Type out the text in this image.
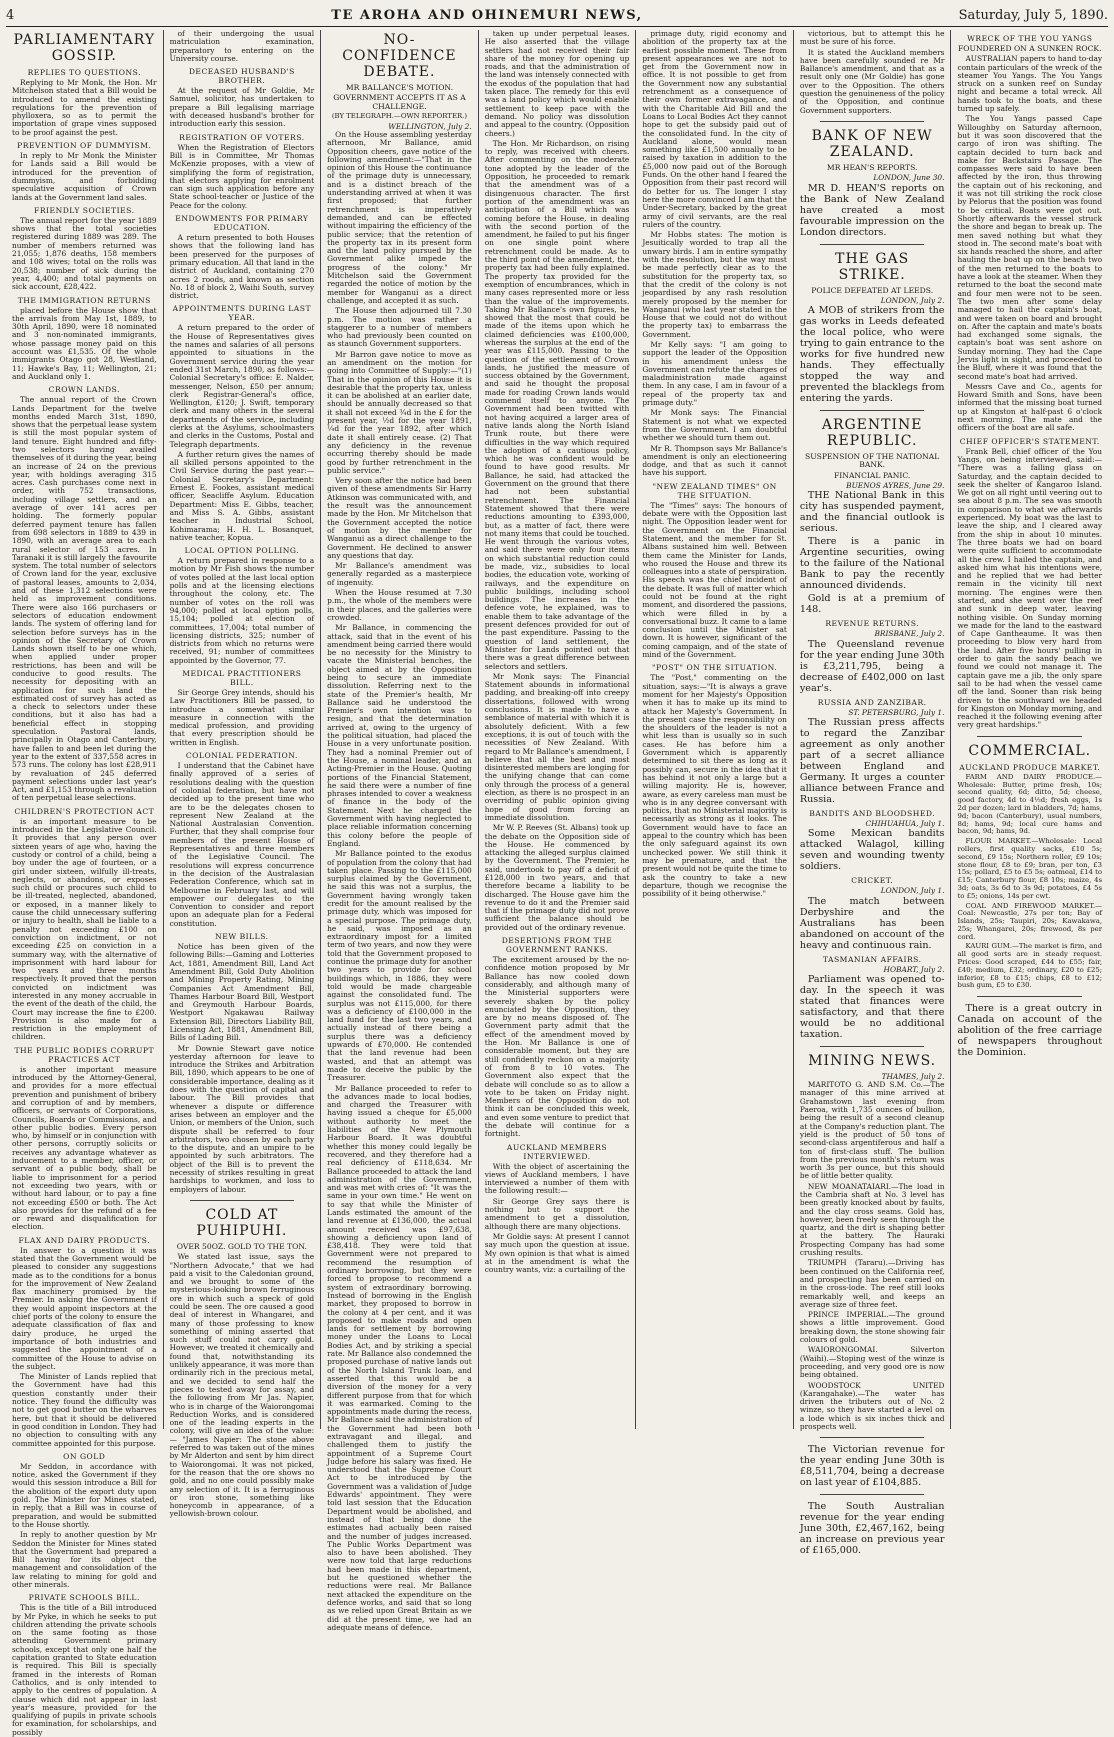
4	TE AROHA AND OHINEMURI NEWS,	Saturday, July 5, 1890.
PARLIAMENTARY GOSSIP.
REPLIES TO QUESTIONS.

Replying to Mr Monk, the Hon. Mr Mitchelson stated that a Bill would be introduced to amend the existing regulations for the prevention of phylloxera, so as to permit the importation of grape vines supposed to be proof against the pest.

PREVENTION OF DUMMYISM.

In reply to Mr Monk the Minister for Lands said a Bill would be introduced for the prevention of dummyism, and forbidding speculative acquisition of Crown lands at the Government land sales.

FRIENDLY SOCIETIES.

The annual report for the year 1889 shows that the total societies registered during 1889 was 289. The number of members returned was 21,055; 1,876 deaths, 158 members and 108 wives; total on the rolls was 20,538; number of sick during the year, 4,400; and total payments on sick account, £28,422.

THE IMMIGRATION RETURNS

placed before the House show that the arrivals from May 1st, 1889, to 30th April, 1890, were 18 nominated and 3 non-nominated immigrants, whose passage money paid on this account was £1,535. Of the whole immigrants Otago got 28, Westland, 11; Hawke's Bay, 11; Wellington, 21; and Auckland only 1.

CROWN LANDS.

The annual report of the Crown Lands Department for the twelve months ended March 31st, 1890, shows that the perpetual lease system is still the most popular system of land tenure. Eight hundred and fifty-two selectors having availed themselves of it during the year, being an increase of 24 on the previous year, with holdings averaging 315 acres. Cash purchases come next in order, with 752 transactions, including village settlers, and an average of over 141 acres per holding. The formerly popular deferred payment tenure has fallen from 698 selectors in 1889 to 439 in 1890, with an average area to each rural selector of 153 acres. In Taranaki it is still largely the favourite system. The total number of selectors of Crown land for the year, exclusive of pastoral leases, amounts to 2,034, and of these 1,312 selections were held as improvement conditions. There were also 166 purchasers or selectors of education endowment lands. The system of offering land for selection before surveys has in the opinion of the Secretary of Crown Lands shown itself to be one which, when applied under proper restrictions, has been and will be conducive to good results. The necessity for depositing with an application for such land the estimated cost of survey has acted as a check to selectors under these conditions, but it also has had a beneficial effect in stopping speculation. Pastoral lands, principally in Otago and Canterbury, have fallen to and been let during the year to the extent of 337,558 acres in 573 runs. The colony has lost £28,911 by revaluation of 245 deferred payment selections under last year's Act, and £1,153 through a revaluation of ten perpetual lease selections.

CHILDREN'S PROTECTION ACT

is an important measure to be introduced in the Legislative Council. It provides that any person over sixteen years of age who, having the custody or control of a child, being a boy under the age of fourteen, or a girl under sixteen, wilfully ill-treats, neglects, or abandons, or exposes such child or procures such child to be ill-treated, neglected, abandoned, or exposed, in a manner likely to cause the child unnecessary suffering or injury to health, shall be liable to a penalty not exceeding £100 on conviction on indictment, or not exceeding £25 on conviction in a summary way, with the alternative of imprisonment with hard labour for two years and three months respectively. It proved that the person convicted on indictment was interested in any money accruable in the event of the death of the child, the Court may increase the fine to £200. Provision is also made for a restriction in the employment of children.

THE PUBLIC BODIES CORRUPT PRACTICES ACT

is another important measure introduced by the Attorney-General, and provides for a more effectual prevention and punishment of bribery and corruption of and by members, officers, or servants of Corporations, Councils, Boards or Commissions, and other public bodies. Every person who, by himself or in conjunction with other persons, corruptly solicits or receives any advantage whatever as inducement to a member, officer, or servant of a public body, shall be liable to imprisonment for a period not exceeding two years, with or without hard labour, or to pay a fine not exceeding £500 or both. The Act also provides for the refund of a fee or reward and disqualification for election.

FLAX AND DAIRY PRODUCTS.

In answer to a question it was stated that the Government would be pleased to consider any suggestions made as to the conditions for a bonus for the improvement of New Zealand flax machinery promised by the Premier. In asking the Government if they would appoint inspectors at the chief ports of the colony to ensure the adequate classification of flax and dairy produce, he urged the importance of both industries and suggested the appointment of a committee of the House to advise on the subject.

The Minister of Lands replied that the Government have had this question constantly under their notice. They found the difficulty was not to get good butter on the wharves here, but that it should be delivered in good condition in London. They had no objection to consulting with any committee appointed for this purpose.

ON GOLD

Mr Seddon, in accordance with notice, asked the Government if they would this session introduce a Bill for the abolition of the export duty upon gold. The Minister for Mines stated, in reply, that a Bill was in course of preparation, and would be submitted to the House shortly.

In reply to another question by Mr Seddon the Minister for Mines stated that the Government had prepared a Bill having for its object the management and consolidation of the law relating to mining for gold and other minerals.

PRIVATE SCHOOLS BILL.

This is the title of a Bill introduced by Mr Pyke, in which he seeks to put children attending the private schools on the same footing as those attending Government primary schools, except that only one half the capitation granted to State education is required. This Bill is specially framed in the interests of Roman Catholics, and is only intended to apply to the centres of population. A clause which did not appear in last year's measure, provided for the qualifying of pupils in private schools for examination, for scholarships, and possibly

of their undergoing the usual matriculation examination, preparatory to entering on the University course.

DECEASED HUSBAND'S BROTHER.

At the request of Mr Goldie, Mr Samuel, solicitor, has undertaken to prepare a Bill legalising marriage with deceased husband's brother for introduction early this session.

REGISTRATION OF VOTERS.

When the Registration of Electors Bill is in Committee, Mr Thomas McKenzie proposes, with a view of simplifying the form of registration, that electors applying for enrolment can sign such application before any State school-teacher or Justice of the Peace for the colony.

ENDOWMENTS FOR PRIMARY EDUCATION.

A return presented to both Houses shows that the following land has been preserved for the purposes of primary education. All that land in the district of Auckland, containing 270 acres 2 roods, and known as section No. 18 of block 2, Waihi South, survey district.

APPOINTMENTS DURING LAST YEAR.

A return prepared to the order of the House of Representatives gives the names and salaries of all persons appointed to situations in the Government service during the year ended 31st March, 1890, as follows:—Colonial Secretary's office: E. Nalder, messenger, Nelson, £50 per annum; clerk Registrar-General's office, Wellington, £120; J. Swift, temporary clerk and many others in the several departments of the service, including clerks at the Asylums, schoolmasters and clerks in the Customs, Postal and Telegraph departments.

A further return gives the names of all skilled persons appointed to the Civil Service during the past year:—Colonial Secretary's Department: Ernest E. Fookes, assistant medical officer, Seacliffe Asylum. Education Department: Miss E. Gibbs, teacher, and Miss S. A. Gibbs, assistant teacher in Industrial School, Kohimarama; H. H. L. Bosanquet, native teacher, Kopua.

LOCAL OPTION POLLING.

A return prepared in response to a motion by Mr Fish shows the number of votes polled at the last local option polls and at the licensing elections throughout the colony, etc. The number of votes on the roll was 94,000; polled at local option polls, 15,104; polled at election of committees, 17,004; total number of licensing districts, 325; number of districts from which no returns were received, 91; number of committees appointed by the Governor, 77.

MEDICAL PRACTITIONERS BILL.

Sir George Grey intends, should his Law Practitioners Bill be passed, to introduce a somewhat similar measure in connection with the medical profession, and providing that every prescription should be written in English.

COLONIAL FEDERATION.

I understand that the Cabinet have finally approved of a series of resolutions dealing with the question of colonial federation, but have not decided up to the present time who are to be the delegates chosen to represent New Zealand at the National Australasian Convention. Further, that they shall comprise four members of the present House of Representatives and three members of the Legislative Council. The resolutions will express concurrence in the decision of the Australasian Federation Conference, which sat in Melbourne in February last, and will empower our delegates to the Convention to consider and report upon an adequate plan for a Federal constitution.

NEW BILLS.

Notice has been given of the following Bills:—Gaming and Lotteries Act, 1881, Amendment Bill, Land Act Amendment Bill, Gold Duty Abolition and Mining Property Rating, Mining Companies Act Amendment Bill, Thames Harbour Board Bill, Westport and Greymouth Harbour Boards, Westport Ngakawau Railway Extension Bill, Directors Liability Bill, Licensing Act, 1881, Amendment Bill, Bills of Lading Bill.

Mr Downie Stewart gave notice yesterday afternoon for leave to introduce the Strikes and Arbitration Bill, 1890, which appears to be one of considerable importance, dealing as it does with the question of capital and labour. The Bill provides that whenever a dispute or difference arises between an employer and the Union, or members of the Union, such dispute shall be referred to four arbitrators, two chosen by each party to the dispute, and an umpire to be appointed by such arbitrators. The object of the Bill is to prevent the necessity of strikes resulting in great hardships to workmen, and loss to employers of labour.

COLD AT PUHIPUHI.
OVER 50OZ. GOLD TO THE TON.

We stated last issue, says the "Northern Advocate," that we had paid a visit to the Caledonian ground, and we brought to some of the mysterious-looking brown ferruginous ore in which such a speck of gold could be seen. The ore caused a good deal of interest in Whangarei, and many of those professing to know something of mining asserted that such stuff could not carry gold. However, we treated it chemically and found that, notwithstanding its unlikely appearance, it was more than ordinarily rich in the precious metal, and we decided to send half the pieces to tested away for assay, and the following from Mr Jas. Napier, who is in charge of the Waiorongomai Reduction Works, and is considered one of the leading experts in the colony, will give an idea of the value:— "James Napier: The stone above referred to was taken out of the mines by Mr Alderton and sent by him direct to Waiorongomai. It was not picked, for the reason that the ore shows no gold, and no one could possibly make any selection of it. It is a ferruginous or iron stone, something like honeycomb in appearance, of a yellowish-brown colour.

NO-CONFIDENCE DEBATE.
MR BALLANCE'S MOTION.
GOVERNMENT ACCEPTS IT AS A CHALLENGE.
(BY TELEGRAPH.—OWN REPORTER.)
WELLINGTON, July 2.

On the House assembling yesterday afternoon, Mr Ballance, amid Opposition cheers, gave notice of the following amendment:—"That in the opinion of this House the continuance of the primage duty is unnecessary, and is a distinct breach of the understanding arrived at when it was first proposed; that further retrenchment is imperatively demanded, and can be effected without impairing the efficiency of the public service; that the retention of the property tax in its present form and the land policy pursued by the Government alike impede the progress of the colony." Mr Mitchelson said the Government regarded the notice of motion by the member for Wanganui as a direct challenge, and accepted it as such.

The House then adjourned till 7.30 p.m. The motion was rather a staggerer to a number of members who had previously been counted on as staunch Government supporters.

Mr Barron gave notice to move as an amendment on the motion for going into Committee of Supply:—"(1) That in the opinion of this House it is desirable that the property tax, unless it can be abolished at an earlier date, should be annually decreased so that it shall not exceed ¾d in the £ for the present year, ½d for the year 1891, ¼d for the year 1892, after which date it shall entirely cease. (2) That any deficiency in the revenue occurring thereby should be made good by further retrenchment in the public service."

Very soon after the notice had been given of these amendments Sir Harry Atkinson was communicated with, and the result was the announcement made by the Hon. Mr Mitchelson that the Government accepted the notice of motion by the member for Wanganui as a direct challenge to the Government. He declined to answer any questions that day.

Mr Ballance's amendment was generally regarded as a masterpiece of ingenuity.

When the House resumed at 7.30 p.m., the whole of the members were in their places, and the galleries were crowded.

Mr Ballance, in commencing the attack, said that in the event of his amendment being carried there would be no necessity for the Ministry to vacate the Ministerial benches, the object aimed at by the Opposition being to secure an immediate dissolution. Referring next to the state of the Premier's health, Mr Ballance said he understood the Premier's own intention was to resign, and that the determination arrived at, owing to the urgency of the political situation, had placed the House in a very unfortunate position. They had a nominal Premier out of the House, a nominal leader, and an Acting-Premier in the House. Quoting portions of the Financial Statement, he said there were a number of fine phrases intended to cover a weakness of finance in the body of the Statement. Next he charged the Government with having neglected to place reliable information concerning this colony before the people of England.

Mr Ballance pointed to the exodus of population from the colony that had taken place. Passing to the £115,000 surplus claimed by the Government, he said this was not a surplus, the Government having wrongly taken credit for the amount realised by the primage duty, which was imposed for a special purpose. The primage duty, he said, was imposed as an extraordinary impost for a limited term of two years, and now they were told that the Government proposed to continue the primage duty for another two years to provide for school buildings which, in 1886, they were told would be made chargeable against the consolidated fund. The surplus was not £115,000, for there was a deficiency of £100,000 in the land fund for the last two years, and actually instead of there being a surplus there was a deficiency upwards of £70,000. He contended that the land revenue had been wasted, and that an attempt was made to deceive the public by the Treasurer.

Mr Ballance proceeded to refer to the advances made to local bodies, and charged the Treasurer with having issued a cheque for £5,000 without authority to meet the liabilities of the New Plymouth Harbour Board. It was doubtful whether this money could legally be recovered, and they therefore had a real deficiency of £118,634. Mr Ballance proceeded to attack the land administration of the Government, and was met with cries of: "It was the same in your own time." He went on to say that while the Minister of Lands estimated the amount of the land revenue at £136,000, the actual amount received was £97,638, showing a deficiency upon land of £38,418. They were told that Government were not prepared to recommend the resumption of ordinary borrowing, but they were forced to propose to recommend a system of extraordinary borrowing. Instead of borrowing in the English market, they proposed to borrow in the colony at 4 per cent, and it was proposed to make roads and open lands for settlement by borrowing money under the Loans to Local Bodies Act, and by striking a special rate. Mr Ballance also condemned the proposed purchase of native lands out of the North Island Trunk loan, and asserted that this would be a diversion of the money for a very different purpose from that for which it was earmarked. Coming to the appointments made during the recess, Mr Ballance said the administration of the Government had been both extravagant and illegal, and challenged them to justify the appointment of a Supreme Court Judge before his salary was fixed. He understood that the Supreme Court Act to be introduced by the Government was a validation of Judge Edwards' appointment. They were told last session that the Education Department would be abolished, and instead of that being done the estimates had actually been raised and the number of judges increased. The Public Works Department was also to have been abolished. They were now told that large reductions had been made in this department, but he questioned whether the reductions were real. Mr Ballance next attacked the expenditure on the defence works, and said that so long as we relied upon Great Britain as we did at the present time, we had an adequate means of defence.

taken up under perpetual leases. He also asserted that the village settlers had not received their fair share of the money for opening up roads, and that the administration of the land was intensely connected with the exodus of the population that had taken place. The remedy for this evil was a land policy which would enable settlement to keep pace with the demand. No policy was dissolution and appeal to the country. (Opposition cheers.)

The Hon. Mr Richardson, on rising to reply, was received with cheers. After commenting on the moderate tone adopted by the leader of the Opposition, he proceeded to remark that the amendment was of a disingenuous character. The first portion of the amendment was an anticipation of a Bill which was coming before the House, in dealing with the second portion of the amendment, he failed to put his finger on one single point where retrenchment could be made. As to the third point of the amendment, the property tax had been fully explained. The property tax provided for the exemption of encumbrances, which in many cases represented more or less than the value of the improvements. Taking Mr Ballance's own figures, he showed that the most that could be made of the items upon which he claimed deficiencies was £100,000, whereas the surplus at the end of the year was £115,000. Passing to the question of the settlement of Crown lands, he justified the measure of success obtained by the Government, and said he thought the proposal made for roading Crown lands would commend itself to anyone. The Government had been twitted with not having acquired a larger area of native lands along the North Island Trunk route, but there were difficulties in the way which required the adoption of a cautious policy, which he was confident would be found to have good results. Mr Ballance, he said, had attacked the Government on the ground that there had not been substantial retrenchment. The Financial Statement showed that there were reductions amounting to £393,000, but, as a matter of fact, there were not many items that could be touched. He went through the various votes, and said there were only four items on which substantial reduction could be made, viz., subsidies to local bodies, the education vote, working of railways, and the expenditure on public buildings, including school buildings. The increases in the defence vote, he explained, was to enable them to take advantage of the present defences provided for out of the past expenditure. Passing to the question of land settlement, the Minister for Lands pointed out that there was a great difference between selectors and settlers.

Mr Monk says: The Financial Statement abounds in informational padding, and breaking-off into creepy dissertations, followed with wrong conclusions. It is made to have a semblance of material with which it is absolutely deficient. With a few exceptions, it is out of touch with the necessities of New Zealand. With regard to Mr Ballance's amendment, I believe that all the best and most disinterested members are longing for the unifying change that can come only through the process of a general election, as there is no prospect in an overriding of public opinion giving hope of good from forcing an immediate dissolution.

Mr W. P. Reeves (St. Albans) took up the debate on the Opposition side of the House. He commenced by attacking the alleged surplus claimed by the Government. The Premier, he said, undertook to pay off a deficit of £128,000 in two years, and that therefore became a liability to be discharged. The House gave him the revenue to do it and the Premier said that if the primage duty did not prove sufficient the balance should be provided out of the ordinary revenue.

DESERTIONS FROM THE GOVERNMENT RANKS.

The excitement aroused by the no-confidence motion proposed by Mr Ballance has now cooled down considerably, and although many of the Ministerial supporters were severely shaken by the policy enunciated by the Opposition, they are by no means disposed of. The Government party admit that the effect of the amendment moved by the Hon. Mr Ballance is one of considerable moment, but they are still confidently reckon on a majority of from 8 to 10 votes. The Government also expect that the debate will conclude so as to allow a vote to be taken on Friday night. Members of the Opposition do not think it can be concluded this week, and even some venture to predict that the debate will continue for a fortnight.

AUCKLAND MEMBERS INTERVIEWED.

With the object of ascertaining the views of Auckland members, I have interviewed a number of them with the following result:—

Sir George Grey says there is nothing but to support the amendment to get a dissolution, although there are many objections.

Mr Goldie says: At present I cannot say much upon the question at issue. My own opinion is that what is aimed at in the amendment is what the country wants, viz: a curtailing of the

primage duty, rigid economy and abolition of the property tax at the earliest possible moment. These from present appearances we are not to get from the Government now in office. It is not possible to get from the Government now any substantial retrenchment as a consequence of their own former extravagance, and with the Charitable Aid Bill and the Loans to Local Bodies Act they cannot hope to get the subsidy paid out of the consolidated fund. In the city of Auckland alone, would mean something like £1,500 annually to be raised by taxation in addition to the £5,000 now paid out of the Borough Funds. On the other hand I feared the Opposition from their past record will do better for us. The longer I stay here the more convinced I am that the Under-Secretary, backed by the great army of civil servants, are the real rulers of the country.

Mr Hobbs states: The motion is Jesuitically worded to trap all the unwary birds. I am in entire sympathy with the resolution, but the way must be made perfectly clear as to the substitution for the property tax, so that the credit of the colony is not jeopardised by any rash resolution merely proposed by the member for Wanganui (who last year stated in the House that we could not do without the property tax) to embarrass the Government.

Mr Kelly says: "I am going to support the leader of the Opposition in his amendment unless the Government can refute the charges of maladministration made against them. In any case, I am in favour of a repeal of the property tax and primage duty."

Mr Monk says: The Financial Statement is not what we expected from the Government. I am doubtful whether we should turn them out.

Mr R. Thompson says Mr Ballance's amendment is only an electioneering dodge, and that as such it cannot have his support.

"NEW ZEALAND TIMES" ON THE SITUATION.

The "Times" says: The honours of debate were with the Opposition last night. The Opposition leader went for the Government on the Financial Statement, and the member for St. Albans sustained him well. Between them came the Minister for Lands, who roused the House and threw its colleagues into a state of perspiration. His speech was the chief incident of the debate. It was full of matter which could not be found at the right moment, and disordered the passions, which were filled in by a conversational buzz. It came to a lame conclusion until the Minister sat down. It is however, significant of the coming campaign, and of the state of mind of the Government.

"POST" ON THE SITUATION.

The "Post," commenting on the situation, says:—"It is always a grave moment for her Majesty's Opposition when it has to make up its mind to attack her Majesty's Government. In the present case the responsibility on the shoulders of the leader is not a whit less than is usually so in such cases. He has before him a Government which is apparently determined to sit there as long as it possibly can, secure in the idea that it has behind it not only a large but a willing majority. He is, however, aware, as every careless man must be who is in any degree conversant with politics, that no Ministerial majority is necessarily as strong as it looks. The Government would have to face an appeal to the country which has been the only safeguard against its own unchecked power. We still think it may be premature, and that the present would not be quite the time to ask the country to take a new departure, though we recognise the possibility of it being otherwise."

victorious, but to attempt this he must be sure of his force.

It is stated the Auckland members have been carefully sounded re Mr Ballance's amendment, and that as a result only one (Mr Goldie) has gone over to the Opposition. The others question the genuineness of the policy of the Opposition, and continue Government supporters.

BANK OF NEW ZEALAND.
MR HEAN'S REPORTS.
LONDON, June 30.

MR D. HEAN'S reports on the Bank of New Zealand have created a most favourable impression on the London directors.

THE GAS STRIKE.
POLICE DEFEATED AT LEEDS.
LONDON, July 2.

A MOB of strikers from the gas works in Leeds defeated the local police, who were trying to gain entrance to the works for five hundred new hands. They effectually stopped the way and prevented the blacklegs from entering the yards.

ARGENTINE REPUBLIC.
SUSPENSION OF THE NATIONAL BANK.
FINANCIAL PANIC.
BUENOS AYRES, June 29.

THE National Bank in this city has suspended payment, and the financial outlook is serious.

There is a panic in Argentine securities, owing to the failure of the National Bank to pay the recently announced dividends.

Gold is at a premium of 148.

REVENUE RETURNS.
BRISBANE, July 2.

The Queensland revenue for the year ending June 30th is £3,211,795, being a decrease of £402,000 on last year's.

RUSSIA AND ZANZIBAR.
ST. PETERSBURG, July 1.

The Russian press affects to regard the Zanzibar agreement as only another part of a secret alliance between England and Germany. It urges a counter alliance between France and Russia.

BANDITS AND BLOODSHED.
CHIHUAHUA, July 1.

Some Mexican bandits attacked Walagol, killing seven and wounding twenty soldiers.

CRICKET.
LONDON, July 1.

The match between Derbyshire and the Australians has been abandoned on account of the heavy and continuous rain.

TASMANIAN AFFAIRS.
HOBART, July 2.

Parliament was opened to-day. In the speech it was stated that finances were satisfactory, and that there would be no additional taxation.

MINING NEWS.
THAMES, July 2.

MARITOTO G. AND S.M. Co.—The manager of this mine arrived at Grahamstown last evening from Paeroa, with 1,735 ounces of bullion, being the result of a second cleanup at the Company's reduction plant. The yield is the product of 50 tons of second-class argentiferous and half a ton of first-class stuff. The bullion from the previous month's return was worth 3s per ounce, but this should be of little better quality.

NEW MOANATAIARI.—The load in the Cambria shaft at No. 3 level has been greatly knocked about by faults, and the clay cross seams. Gold has, however, been freely seen through the quartz, and the dirt is shaping better at the battery. The Hauraki Prospecting Company has had some crushing results.

TRIUMPH (Tararu).—Driving has been continued on the California reef, and prospecting has been carried on in the cross-lode. The reef still looks remarkably well, and keeps an average size of three feet.

PRINCE IMPERIAL.—The ground shows a little improvement. Good breaking down, the stone showing fair colours of gold.

WAIORONGOMAI. Silverton (Waihi).—Stoping west of the winze is proceeding, and very good ore is now being obtained.

WOODSTOCK UNITED (Karangahake).—The water has driven the tributers out of No. 2 winze, so they have started a level on a lode which is six inches thick and prospects well.

The Victorian revenue for the year ending June 30th is £8,511,704, being a decrease on last year of £104,885.

The South Australian revenue for the year ending June 30th, £2,467,162, being an increase on previous year of £165,000.

WRECK OF THE YOU YANGS
FOUNDERED ON A SUNKEN ROCK.

AUSTRALIAN papers to hand to-day contain particulars of the wreck of the steamer You Yangs. The You Yangs struck on a sunken reef on Sunday night and became a total wreck. All hands took to the boats, and these turned up safely.

The You Yangs passed Cape Willoughby on Saturday afternoon, but it was soon discovered that the cargo of iron was shifting. The captain decided to turn back and make for Backstairs Passage. The compasses were said to have been affected by the iron, thus throwing the captain out of his reckoning, and it was not till striking the rock close by Pelorus that the position was found to be critical. Boats were got out. Shortly afterwards the vessel struck the shore and began to break up. The men saved nothing but what they stood in. The second mate's boat with six hands reached the shore, and after hauling the boat up on the beach two of the men returned to the boats to have a look at the steamer. When they returned to the boat the second mate and four men were not to be seen. The two men after some delay managed to hail the captain's boat, and were taken on board and brought on. After the captain and mate's boats had exchanged some signals, the captain's boat was sent ashore on Sunday morning. They had the Cape Jervis light in sight, and proceeded to the Bluff, where it was found that the second mate's boat had arrived.

Messrs Cave and Co., agents for Howard Smith and Sons, have been informed that the missing boat turned up at Kingston at half-past 6 o'clock next morning. The mate and the officers of the boat are all safe.

CHIEF OFFICER'S STATEMENT.

Frank Bell, chief officer of the You Yangs, on being interviewed, said:— "There was a falling glass on Saturday, and the captain decided to seek the shelter of Kangaroo Island. We got on all right until veering out to sea about 8 p.m. The sea was smooth in comparison to what we afterwards experienced. My boat was the last to leave the ship, and I cleared away from the ship in about 10 minutes. The three boats we had on board were quite sufficient to accommodate all the crew. I hailed the captain, and asked him what his intentions were, and he replied that we had better remain in the vicinity till next morning. The engines were then started, and she went over the reef and sunk in deep water, leaving nothing visible. On Sunday morning we made for the land to the eastward of Cape Gantheaume. It was then proceeding to blow very hard from the land. After five hours' pulling in order to gain the sandy beach we found we could not manage it. The captain gave me a jib, the only spare sail to be had when the vessel came off the land. Sooner than risk being driven to the southward we headed for Kingston on Monday morning, and reached it the following evening after very great hardships."

COMMERCIAL.
AUCKLAND PRODUCE MARKET.

FARM AND DAIRY PRODUCE.—Wholesale: Butter, prime fresh, 10s; second quality, 6d; ditto, 5d; cheese, good factory, 4d to 4½d; fresh eggs, 1s 2d per dozen; lard in bladders, 7d; hams, 9d; bacon (Canterbury), usual numbers, 8d; hams, 9d; local cure hams and bacon, 9d; hams, 9d.

FLOUR MARKET.—Wholesale: Local rollers, first quality sacks, £10 5s; second, £9 15s; Northern roller, £9 10s; stone flour, £8 to £9; bran, per ton, £3 15s; pollard, £5 to £5 5s; oatmeal, £14 to £15; Canterbury flour, £8 10s; maize, 4s 3d; oats, 3s 6d to 3s 9d; potatoes, £4 5s to £5; onions, 14s per cwt.

COAL AND FIREWOOD MARKET.—Coal: Newcastle, 27s per ton; Bay of Islands, 25s; Taupiri, 20s; Kawakawa, 25s; Whangarei, 20s; firewood, 8s per cord.

KAURI GUM.—The market is firm, and all good sorts are in steady request. Prices: Good scraped, £44 to £55; fair, £40; medium, £32; ordinary, £20 to £25; inferior, £8 to £15; chips, £8 to £12; bush gum, £5 to £30.

There is a great outcry in Canada on account of the abolition of the free carriage of newspapers throughout the Dominion.
